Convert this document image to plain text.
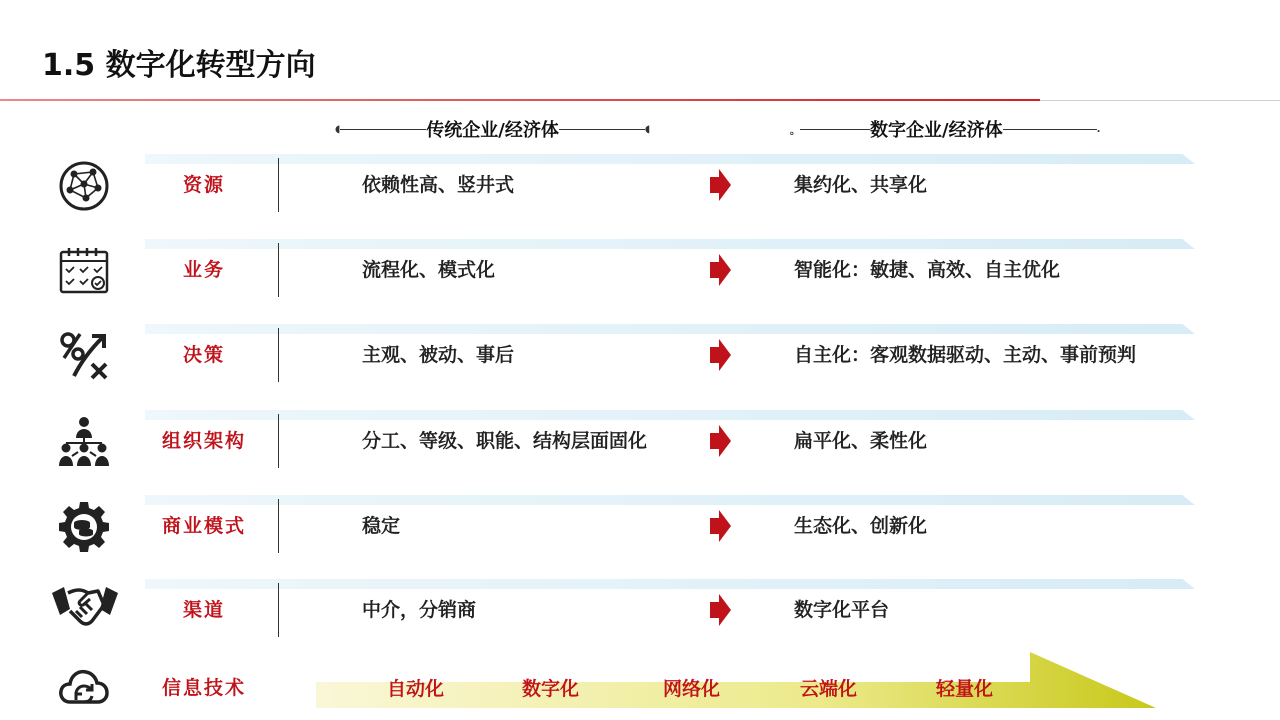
1.5 数字化转型方向
◖	传统企业/经济体	◖	。	数字企业/经济体	.
资源	依赖性高、竖井式	集约化、共享化
业务	流程化、模式化	智能化：敏捷、高效、自主优化
决策	主观、被动、事后	自主化：客观数据驱动、主动、事前预判
组织架构	分工、等级、职能、结构层面固化	扁平化、柔性化
商业模式	稳定	生态化、创新化
渠道	中介，分销商	数字化平台
信息技术	自动化	数字化	网络化	云端化	轻量化
